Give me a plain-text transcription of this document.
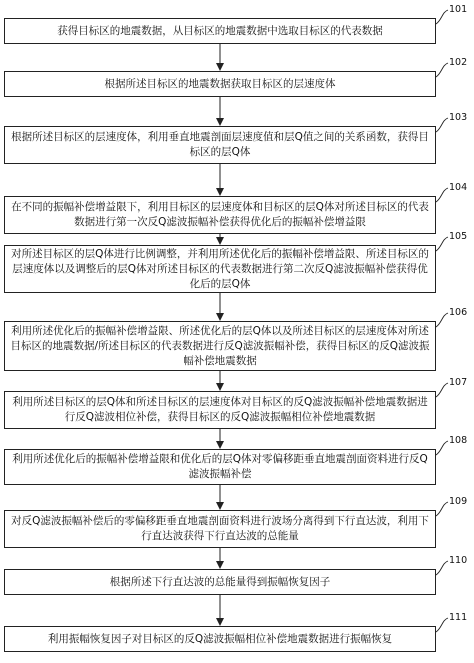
获得目标区的地震数据，从目标区的地震数据中选取目标区的代表数据
101
根据所述目标区的地震数据获取目标区的层速度体
102
根据所述目标区的层速度体，利用垂直地震剖面层速度值和层Q值之间的关系函数，获得目标区的层Q体
103
在不同的振幅补偿增益限下，利用目标区的层速度体和目标区的层Q体对所述目标区的代表数据进行第一次反Q滤波振幅补偿获得优化后的振幅补偿增益限
104
对所述目标区的层Q体进行比例调整，并利用所述优化后的振幅补偿增益限、所述目标区的层速度体以及调整后的层Q体对所述目标区的代表数据进行第二次反Q滤波振幅补偿获得优化后的层Q体
105
利用所述优化后的振幅补偿增益限、所述优化后的层Q体以及所述目标区的层速度体对所述目标区的地震数据/所述目标区的代表数据进行反Q滤波振幅补偿，获得目标区的反Q滤波振幅补偿地震数据
106
利用所述目标区的层Q体和所述目标区的层速度体对目标区的反Q滤波振幅补偿地震数据进行反Q滤波相位补偿，获得目标区的反Q滤波振幅相位补偿地震数据
107
利用所述优化后的振幅补偿增益限和优化后的层Q体对零偏移距垂直地震剖面资料进行反Q滤波振幅补偿
108
对反Q滤波振幅补偿后的零偏移距垂直地震剖面资料进行波场分离得到下行直达波，利用下行直达波获得下行直达波的总能量
109
根据所述下行直达波的总能量得到振幅恢复因子
110
利用振幅恢复因子对目标区的反Q滤波振幅相位补偿地震数据进行振幅恢复
111
